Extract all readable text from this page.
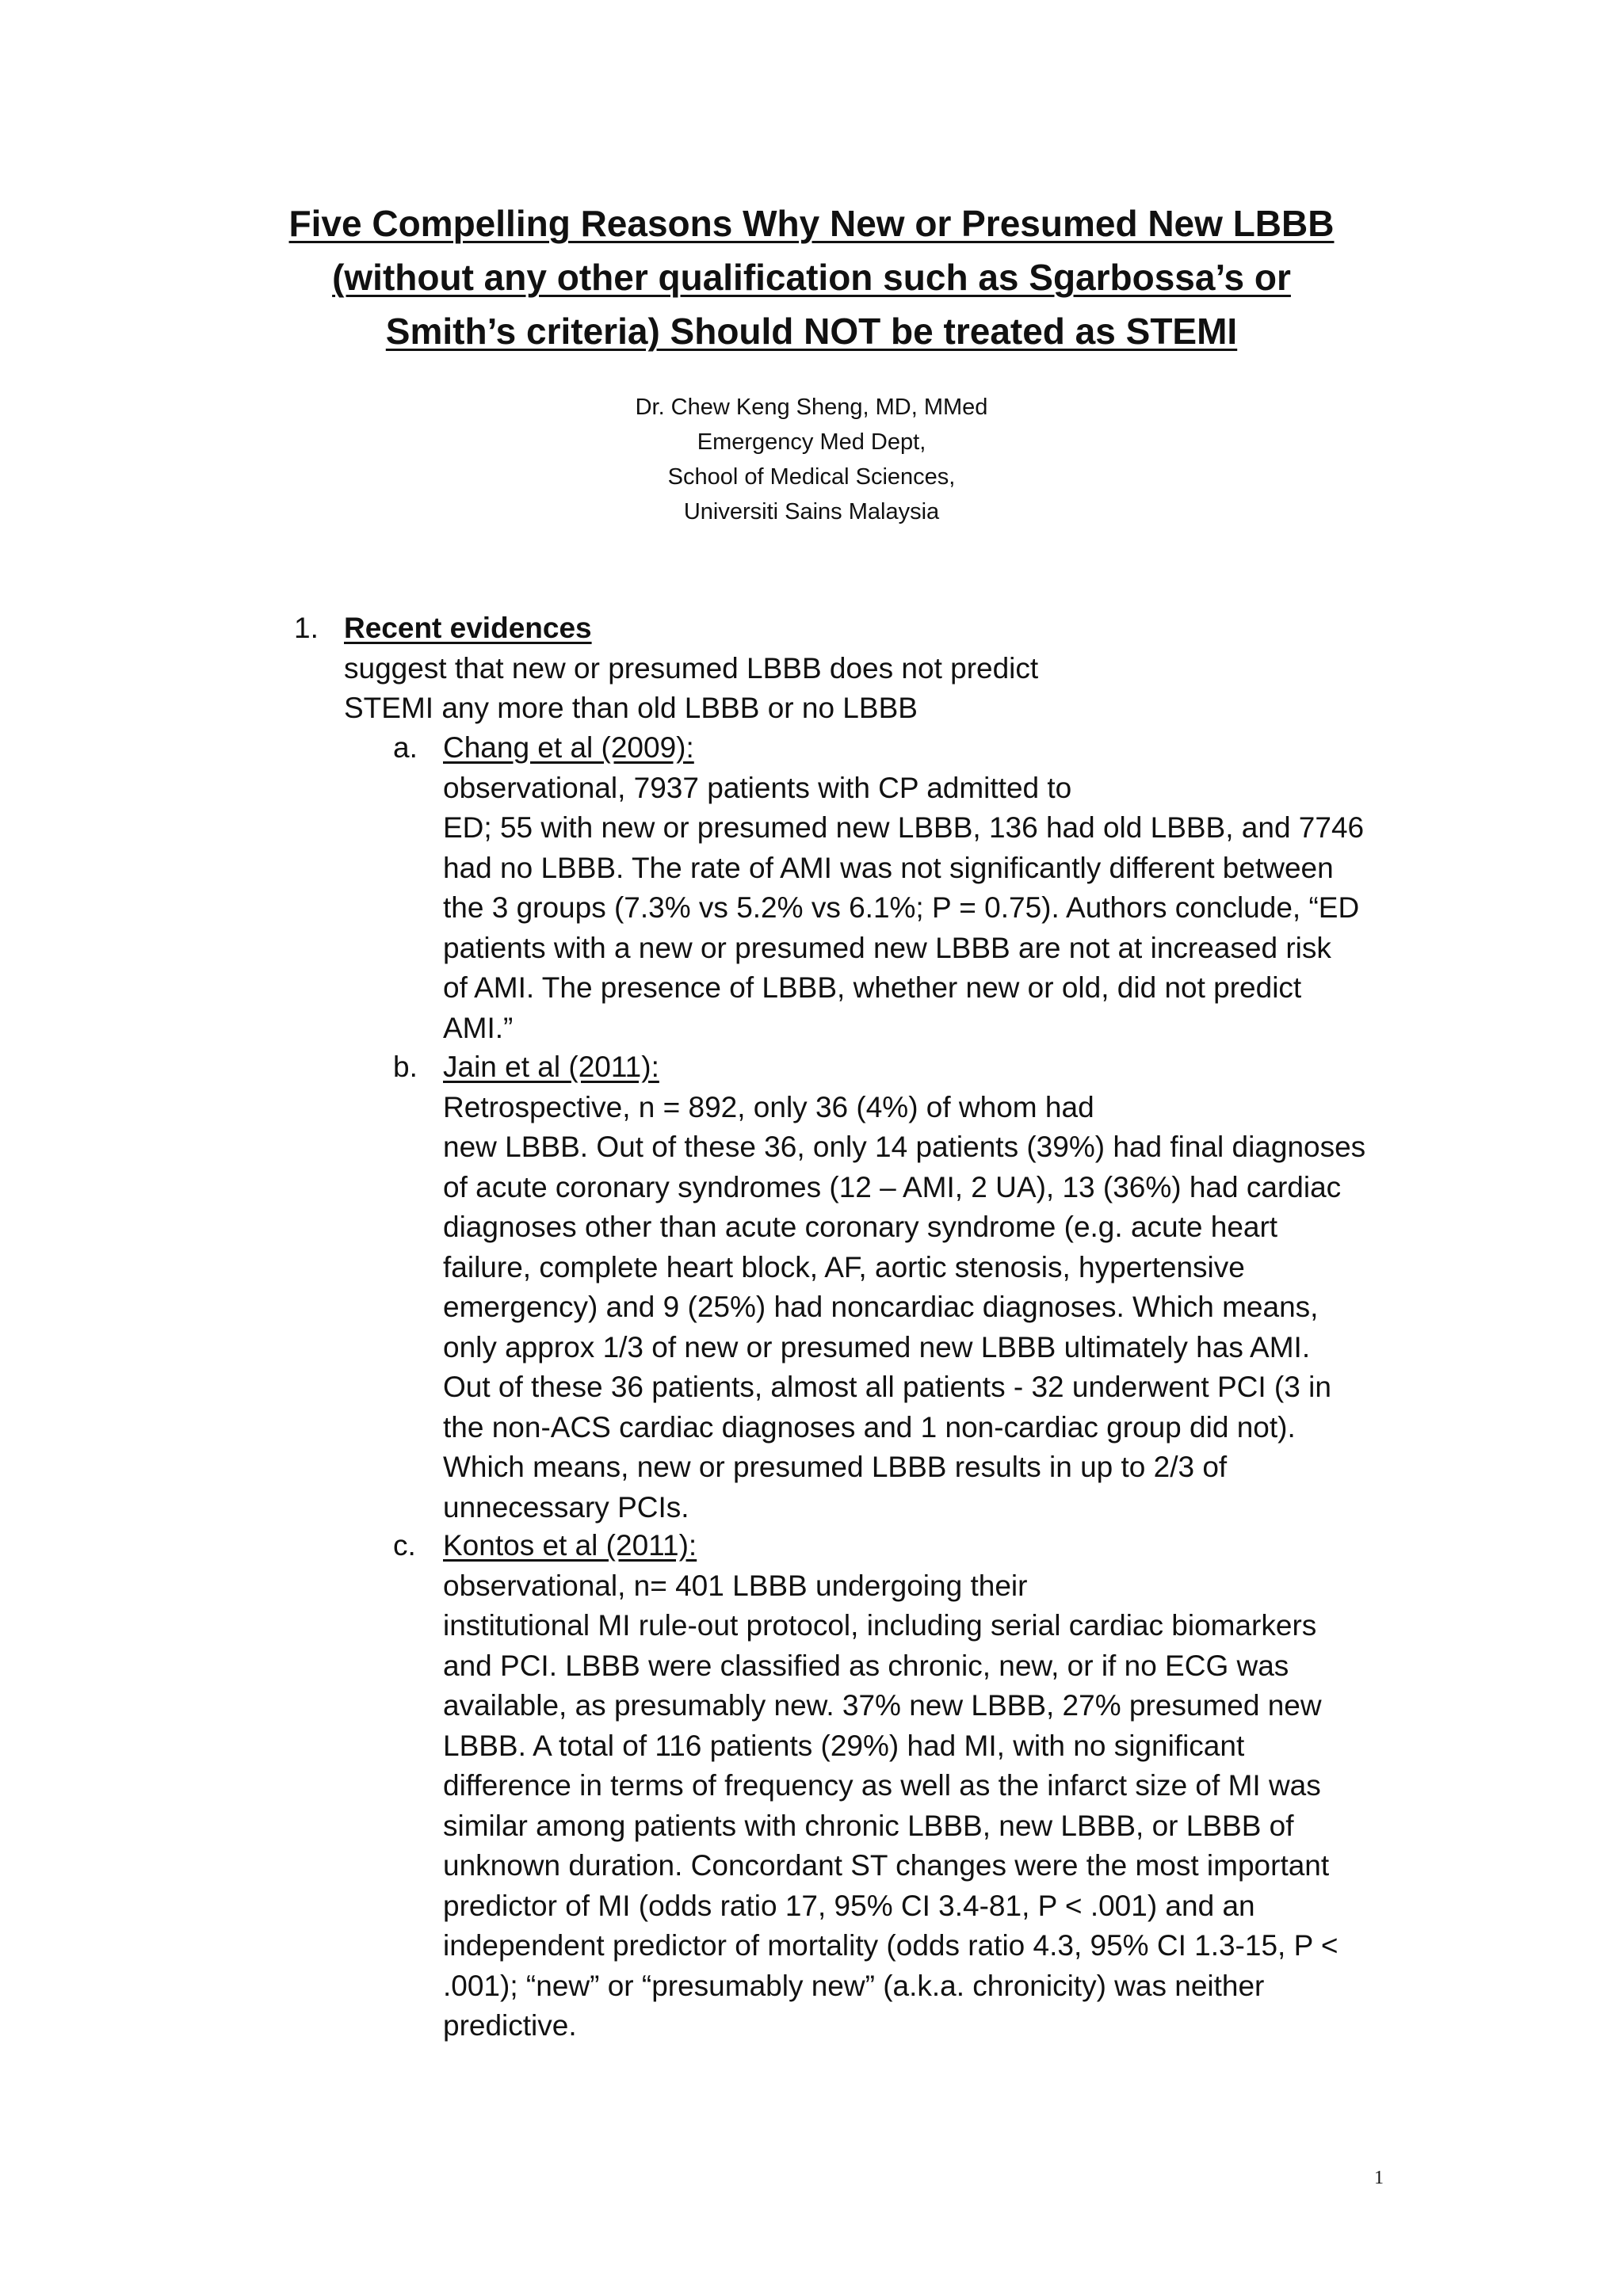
Five Compelling Reasons Why New or Presumed New LBBB
(without any other qualification such as Sgarbossa’s or
Smith’s criteria) Should NOT be treated as STEMI
Dr. Chew Keng Sheng, MD, MMed
Emergency Med Dept,
School of Medical Sciences,
Universiti Sains Malaysia
1. Recent evidences
suggest that new or presumed LBBB does not predict
STEMI any more than old LBBB or no LBBB
a. Chang et al (2009):
observational, 7937 patients with CP admitted to
ED; 55 with new or presumed new LBBB, 136 had old LBBB, and 7746
had no LBBB. The rate of AMI was not significantly different between
the 3 groups (7.3% vs 5.2% vs 6.1%; P = 0.75). Authors conclude, “ED
patients with a new or presumed new LBBB are not at increased risk
of AMI. The presence of LBBB, whether new or old, did not predict
AMI.”
b. Jain et al (2011):
Retrospective, n = 892, only 36 (4%) of whom had
new LBBB. Out of these 36, only 14 patients (39%) had final diagnoses
of acute coronary syndromes (12 – AMI, 2 UA), 13 (36%) had cardiac
diagnoses other than acute coronary syndrome (e.g. acute heart
failure, complete heart block, AF, aortic stenosis, hypertensive
emergency) and 9 (25%) had noncardiac diagnoses. Which means,
only approx 1/3 of new or presumed new LBBB ultimately has AMI.
Out of these 36 patients, almost all patients - 32 underwent PCI (3 in
the non-ACS cardiac diagnoses and 1 non-cardiac group did not).
Which means, new or presumed LBBB results in up to 2/3 of
unnecessary PCIs.
c. Kontos et al (2011):
observational, n= 401 LBBB undergoing their
institutional MI rule-out protocol, including serial cardiac biomarkers
and PCI. LBBB were classified as chronic, new, or if no ECG was
available, as presumably new. 37% new LBBB, 27% presumed new
LBBB. A total of 116 patients (29%) had MI, with no significant
difference in terms of frequency as well as the infarct size of MI was
similar among patients with chronic LBBB, new LBBB, or LBBB of
unknown duration. Concordant ST changes were the most important
predictor of MI (odds ratio 17, 95% CI 3.4-81, P < .001) and an
independent predictor of mortality (odds ratio 4.3, 95% CI 1.3-15, P <
.001); “new” or “presumably new” (a.k.a. chronicity) was neither
predictive.
1
